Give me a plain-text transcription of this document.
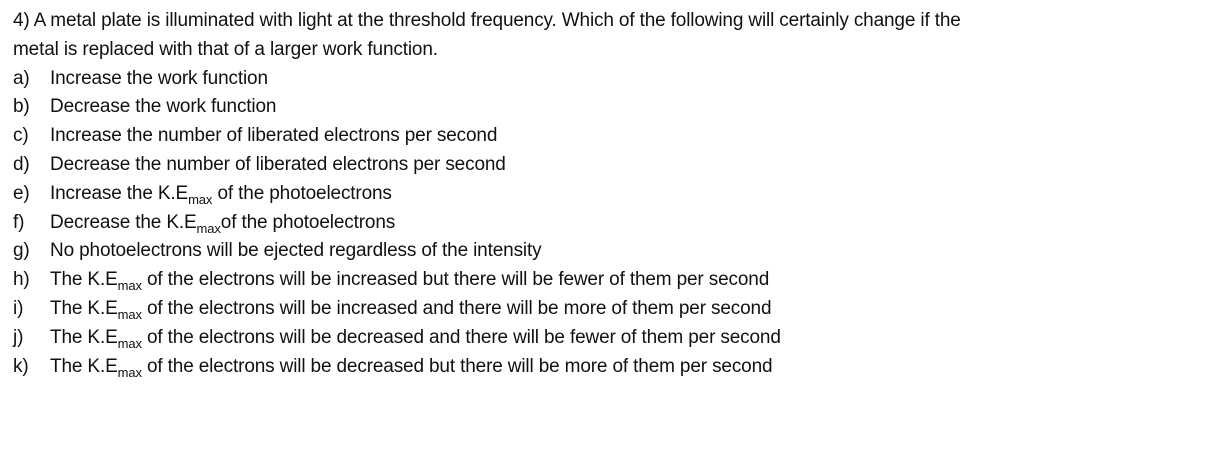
4) A metal plate is illuminated with light at the threshold frequency. Which of the following will certainly change if the
metal is replaced with that of a larger work function.
a)	Increase the work function
b)	Decrease the work function
c)	Increase the number of liberated electrons per second
d)	Decrease the number of liberated electrons per second
e)	Increase the $K.E_{max}$ of the photoelectrons
f)	Decrease the $K.E_{max}of$ the photoelectrons
g)	No photoelectrons will be ejected regardless of the intensity
h)	The $K.E_{max}$ of the electrons will be increased but there will be fewer of them per second
i)	The $K.E_{max}$ of the electrons will be increased and there will be more of them per second
j)	The $K.E_{max}$ of the electrons will be decreased and there will be fewer of them per second
k)	The $K.E_{max}$ of the electrons will be decreased but there will be more of them per second
